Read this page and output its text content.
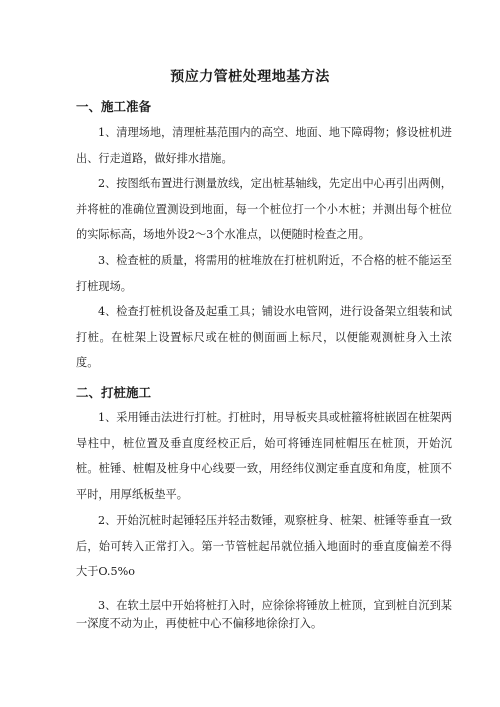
预应力管桩处理地基方法
一、施工准备
1、清理场地，清理桩基范围内的高空、地面、地下障碍物；修设桩机进出、行走道路，做好排水措施。
2、按图纸布置进行测量放线，定出桩基轴线，先定出中心再引出两侧，并将桩的准确位置测设到地面，每一个桩位打一个小木桩；并测出每个桩位的实际标高，场地外设2～3个水准点，以便随时检查之用。
3、检查桩的质量，将需用的桩堆放在打桩机附近，不合格的桩不能运至打桩现场。
4、检查打桩机设备及起重工具；铺设水电管网，进行设备架立组装和试打桩。在桩架上设置标尺或在桩的侧面画上标尺，以便能观测桩身入土浓度。
二、打桩施工
1、采用锤击法进行打桩。打桩时，用导板夹具或桩箍将桩嵌固在桩架两导柱中，桩位置及垂直度经校正后，始可将锤连同桩帽压在桩顶，开始沉桩。桩锤、桩帽及桩身中心线要一致，用经纬仪测定垂直度和角度，桩顶不平时，用厚纸板垫平。
2、开始沉桩时起锤轻压并轻击数锤，观察桩身、桩架、桩锤等垂直一致后，始可转入正常打入。第一节管桩起吊就位插入地面时的垂直度偏差不得大于O.5%o
3、在软土层中开始将桩打入时，应徐徐将锤放上桩顶，宜到桩自沉到某一深度不动为止，再使桩中心不偏移地徐徐打入。
